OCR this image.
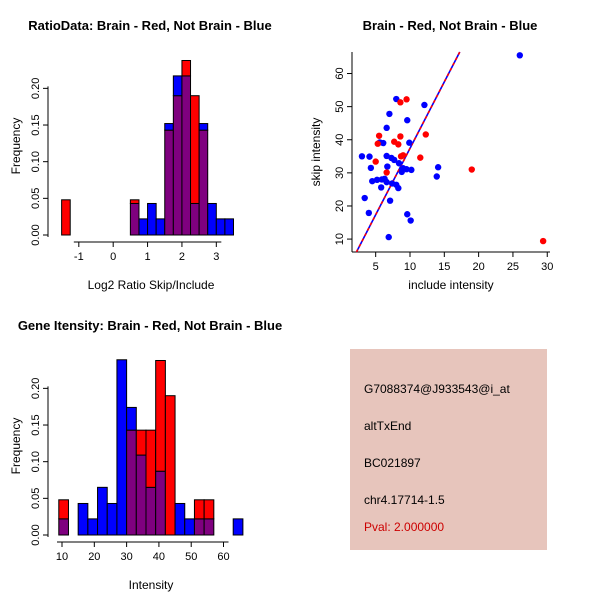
RatioData: Brain - Red, Not Brain - Blue
-1 0	1	2	3
0.00
0.05
0.10
0.15
0.20
Log2 Ratio Skip/Include
Frequency
Brain - Red, Not Brain - Blue
5 10 15 20 25 30
10
20
30
40
50
60
include intensity
skip intensity
Gene Itensity: Brain - Red, Not Brain - Blue
10 20 30 40 50 60
0.00
0.05
0.10
0.15
0.20
Intensity
Frequency
G7088374@J933543@i_at
altTxEnd
BC021897
chr4.17714-1.5
Pval: 2.000000
